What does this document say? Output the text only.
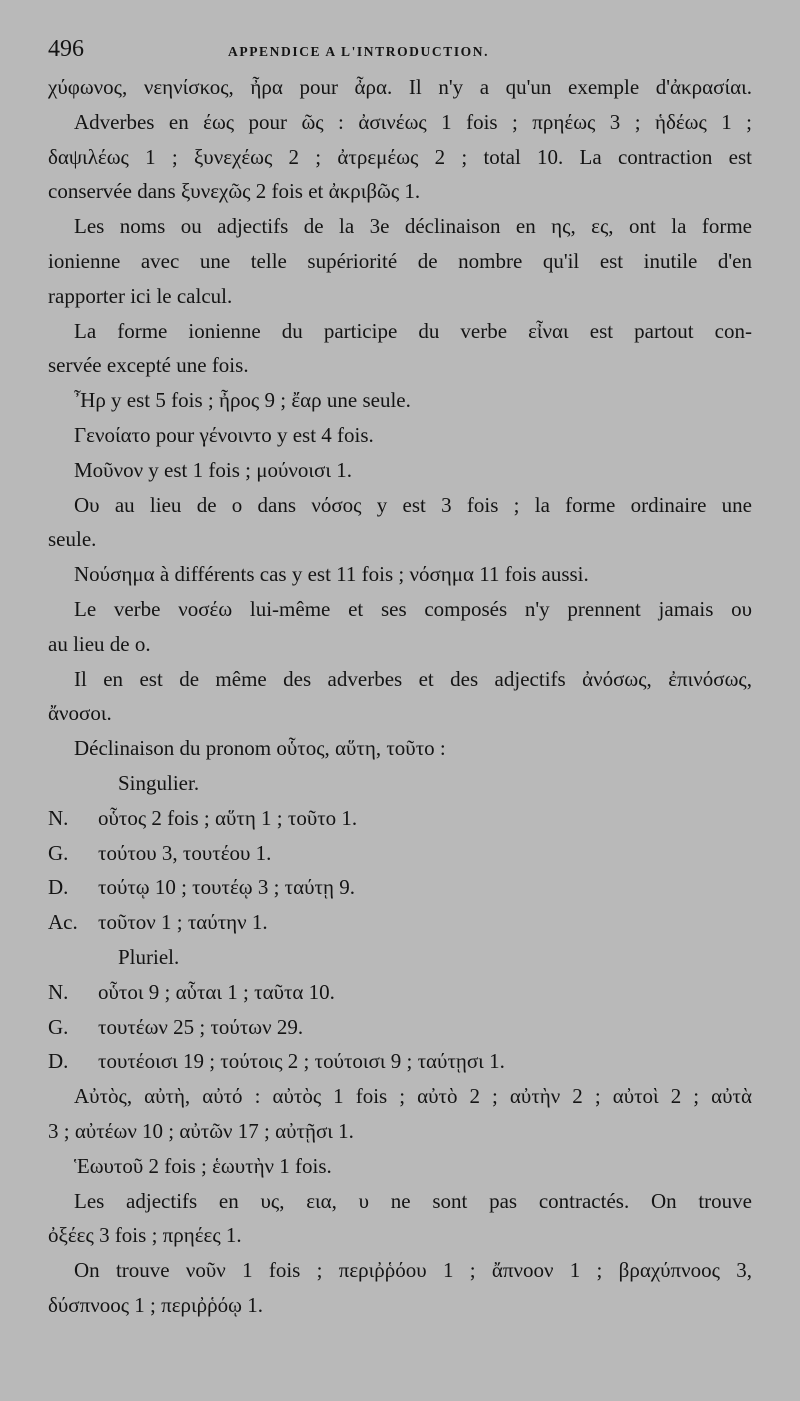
496	APPENDICE A L'INTRODUCTION.
χύφωνος, νεηνίσκος, ἦρα pour ἆρα. Il n'y a qu'un exemple d'ἀκρασίαι.
Adverbes en έως pour ῶς : ἀσινέως 1 fois ; πρηέως 3 ; ἡδέως 1 ;
δαψιλέως 1 ; ξυνεχέως 2 ; ἀτρεμέως 2 ; total 10. La contraction est
conservée dans ξυνεχῶς 2 fois et ἀκριβῶς 1.
Les noms ou adjectifs de la 3e déclinaison en ης, ες, ont la forme
ionienne avec une telle supériorité de nombre qu'il est inutile d'en
rapporter ici le calcul.
La forme ionienne du participe du verbe εἶναι est partout con-
servée excepté une fois.
Ἦρ y est 5 fois ; ἦρος 9 ; ἔαρ une seule.
Γενοίατο pour γένοιντο y est 4 fois.
Μοῦνον y est 1 fois ; μούνοισι 1.
Ου au lieu de ο dans νόσος y est 3 fois ; la forme ordinaire une
seule.
Νούσημα à différents cas y est 11 fois ; νόσημα 11 fois aussi.
Le verbe νοσέω lui-même et ses composés n'y prennent jamais ου
au lieu de ο.
Il en est de même des adverbes et des adjectifs ἀνόσως, ἐπινόσως,
ἄνοσοι.
Déclinaison du pronom οὗτος, αὕτη, τοῦτο :
Singulier.
N.	οὗτος 2 fois ; αὕτη 1 ; τοῦτο 1.
G.	τούτου 3, τουτέου 1.
D.	τούτῳ 10 ; τουτέῳ 3 ; ταύτῃ 9.
Ac. τοῦτον 1 ; ταύτην 1.
Pluriel.
N.	οὗτοι 9 ; αὗται 1 ; ταῦτα 10.
G.	τουτέων 25 ; τούτων 29.
D.	τουτέοισι 19 ; τούτοις 2 ; τούτοισι 9 ; ταύτῃσι 1.
Αὐτὸς, αὐτὴ, αὐτό : αὐτὸς 1 fois ; αὐτὸ 2 ; αὐτὴν 2 ; αὐτοὶ 2 ; αὐτὰ
3 ; αὐτέων 10 ; αὐτῶν 17 ; αὐτῇσι 1.
Ἑωυτοῦ 2 fois ; ἑωυτὴν 1 fois.
Les adjectifs en υς, εια, υ ne sont pas contractés. On trouve
ὀξέες 3 fois ; πρηέες 1.
On trouve νοῦν 1 fois ; περιῤῥόου 1 ; ἄπνοον 1 ; βραχύπνοος 3,
δύσπνοος 1 ; περιῤῥόῳ 1.
